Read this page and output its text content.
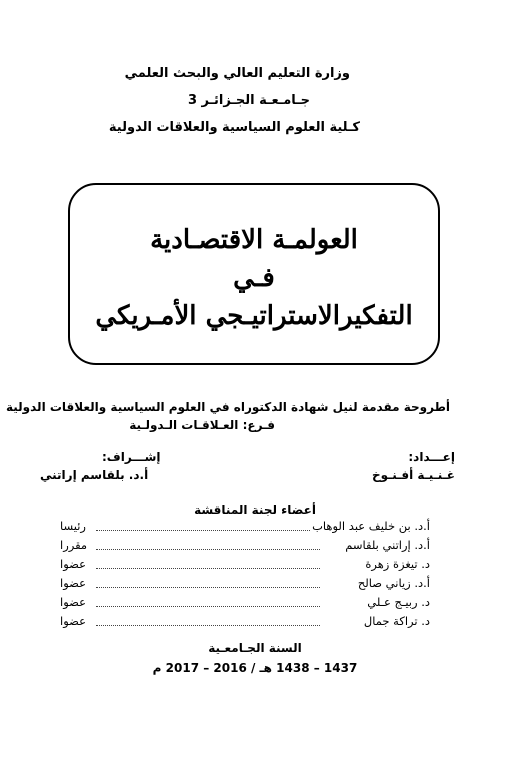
وزارة التعليم العالي والبحث العلمي
جـامـعـة الجـزائـر 3
كـلية العلوم السياسية والعلاقات الدولية
العولمـة الاقتصـادية
فـي
التفكيرالاستراتيـجي الأمـريكي
أطروحة مقدمة لنيل شهادة الدكتوراه في العلوم السياسية والعلاقات الدولية
فـرع: العـلاقـات الـدولـية
إعـــداد:
غـنـيـة أفـنـوخ
إشـــراف:
أ.د. بلقاسم إراتني
أعضاء لجنة المناقشة
أ.د. بن خليف عبد الوهاب
رئيسا
أ.د. إراتني بلقاسم
مقررا
د. تيغزة زهرة
عضوا
أ.د. زياني صالح
عضوا
د. ربيـج عـلي
عضوا
د. تراكة جمال
عضوا
السنة الجـامعـية
1437 – 1438 هـ / 2016 – 2017 م
